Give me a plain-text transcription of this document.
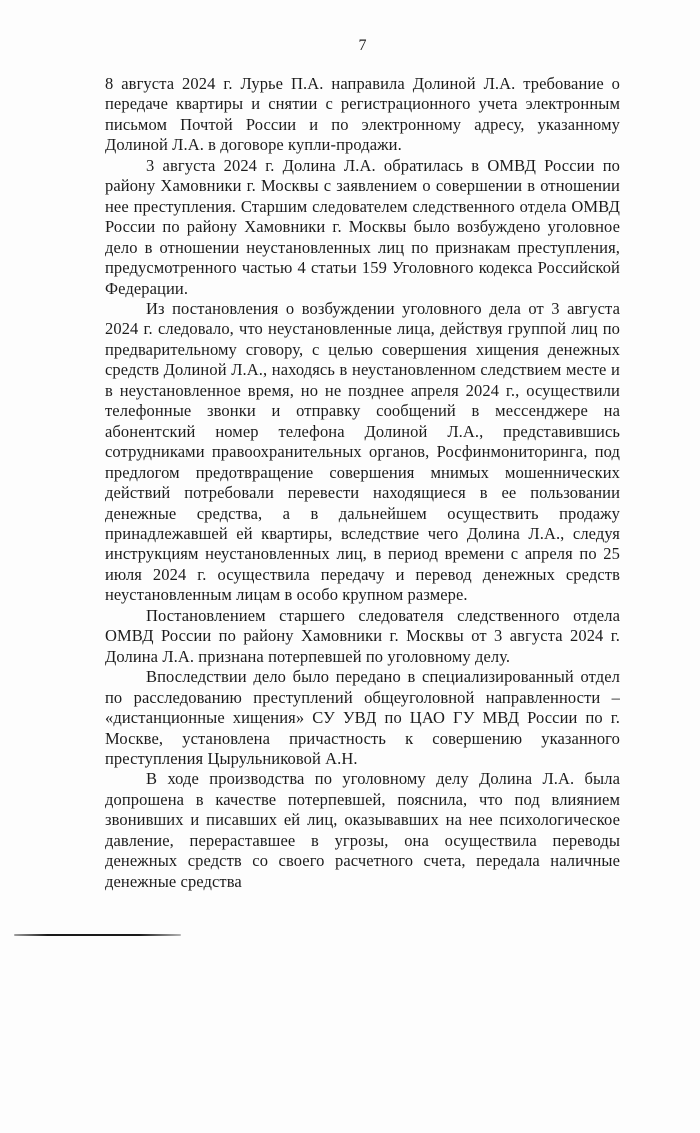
7

8 августа 2024 г. Лурье П.А. направила Долиной Л.А. требование о передаче квартиры и снятии с регистрационного учета электронным письмом Почтой России и по электронному адресу, указанному Долиной Л.А. в договоре купли-продажи.

3 августа 2024 г. Долина Л.А. обратилась в ОМВД России по району Хамовники г. Москвы с заявлением о совершении в отношении нее преступления. Старшим следователем следственного отдела ОМВД России по району Хамовники г. Москвы было возбуждено уголовное дело в отношении неустановленных лиц по признакам преступления, предусмотренного частью 4 статьи 159 Уголовного кодекса Российской Федерации.

Из постановления о возбуждении уголовного дела от 3 августа 2024 г. следовало, что неустановленные лица, действуя группой лиц по предварительному сговору, с целью совершения хищения денежных средств Долиной Л.А., находясь в неустановленном следствием месте и в неустановленное время, но не позднее апреля 2024 г., осуществили телефонные звонки и отправку сообщений в мессенджере на абонентский номер телефона Долиной Л.А., представившись сотрудниками правоохранительных органов, Росфинмониторинга, под предлогом предотвращение совершения мнимых мошеннических действий потребовали перевести находящиеся в ее пользовании денежные средства, а в дальнейшем осуществить продажу принадлежавшей ей квартиры, вследствие чего Долина Л.А., следуя инструкциям неустановленных лиц, в период времени с апреля по 25 июля 2024 г. осуществила передачу и перевод денежных средств неустановленным лицам в особо крупном размере.

Постановлением старшего следователя следственного отдела ОМВД России по району Хамовники г. Москвы от 3 августа 2024 г. Долина Л.А. признана потерпевшей по уголовному делу.

Впоследствии дело было передано в специализированный отдел по расследованию преступлений общеуголовной направленности – «дистанционные хищения» СУ УВД по ЦАО ГУ МВД России по г. Москве, установлена причастность к совершению указанного преступления Цырульниковой А.Н.

В ходе производства по уголовному делу Долина Л.А. была допрошена в качестве потерпевшей, пояснила, что под влиянием звонивших и писавших ей лиц, оказывавших на нее психологическое давление, перераставшее в угрозы, она осуществила переводы денежных средств со своего расчетного счета, передала наличные денежные средства
